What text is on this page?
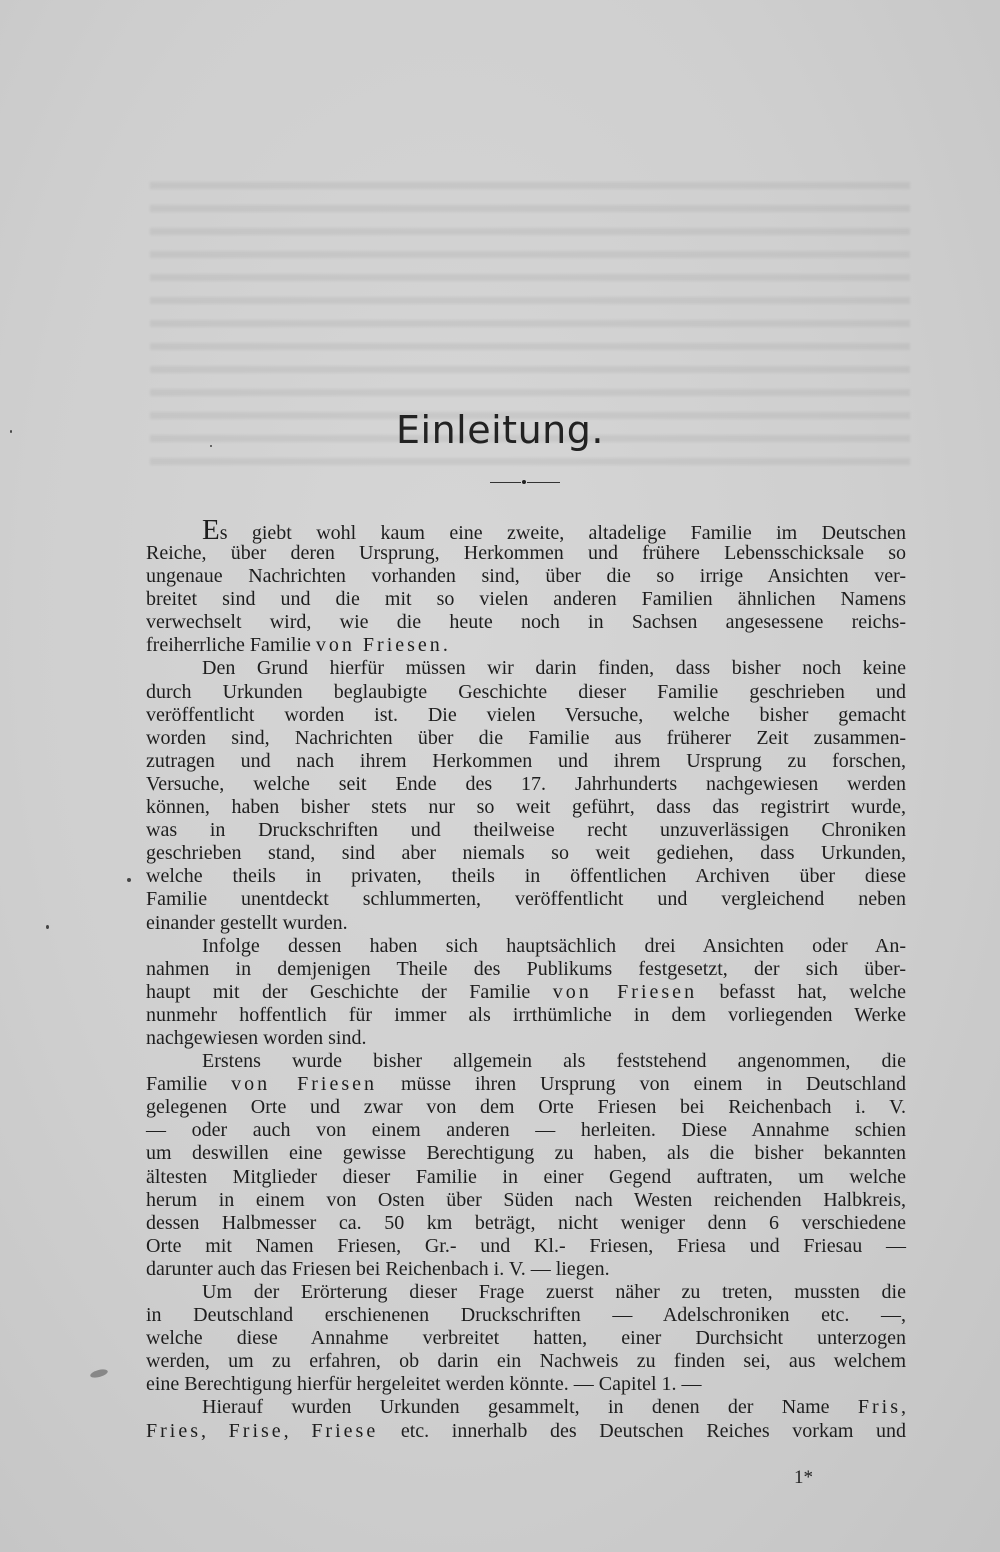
Einleitung.
Es giebt wohl kaum eine zweite, altadelige Familie im Deutschen
Reiche, über deren Ursprung, Herkommen und frühere Lebensschicksale so
ungenaue Nachrichten vorhanden sind, über die so irrige Ansichten ver-
breitet sind und die mit so vielen anderen Familien ähnlichen Namens
verwechselt wird, wie die heute noch in Sachsen angesessene reichs-
freiherrliche Familie von Friesen.
Den Grund hierfür müssen wir darin finden, dass bisher noch keine
durch Urkunden beglaubigte Geschichte dieser Familie geschrieben und
veröffentlicht worden ist. Die vielen Versuche, welche bisher gemacht
worden sind, Nachrichten über die Familie aus früherer Zeit zusammen-
zutragen und nach ihrem Herkommen und ihrem Ursprung zu forschen,
Versuche, welche seit Ende des 17. Jahrhunderts nachgewiesen werden
können, haben bisher stets nur so weit geführt, dass das registrirt wurde,
was in Druckschriften und theilweise recht unzuverlässigen Chroniken
geschrieben stand, sind aber niemals so weit gediehen, dass Urkunden,
welche theils in privaten, theils in öffentlichen Archiven über diese
Familie unentdeckt schlummerten, veröffentlicht und vergleichend neben
einander gestellt wurden.
Infolge dessen haben sich hauptsächlich drei Ansichten oder An-
nahmen in demjenigen Theile des Publikums festgesetzt, der sich über-
haupt mit der Geschichte der Familie von Friesen befasst hat, welche
nunmehr hoffentlich für immer als irrthümliche in dem vorliegenden Werke
nachgewiesen worden sind.
Erstens wurde bisher allgemein als feststehend angenommen, die
Familie von Friesen müsse ihren Ursprung von einem in Deutschland
gelegenen Orte und zwar von dem Orte Friesen bei Reichenbach i. V.
— oder auch von einem anderen — herleiten. Diese Annahme schien
um deswillen eine gewisse Berechtigung zu haben, als die bisher bekannten
ältesten Mitglieder dieser Familie in einer Gegend auftraten, um welche
herum in einem von Osten über Süden nach Westen reichenden Halbkreis,
dessen Halbmesser ca. 50 km beträgt, nicht weniger denn 6 verschiedene
Orte mit Namen Friesen, Gr.- und Kl.- Friesen, Friesa und Friesau —
darunter auch das Friesen bei Reichenbach i. V. — liegen.
Um der Erörterung dieser Frage zuerst näher zu treten, mussten die
in Deutschland erschienenen Druckschriften — Adelschroniken etc. —,
welche diese Annahme verbreitet hatten, einer Durchsicht unterzogen
werden, um zu erfahren, ob darin ein Nachweis zu finden sei, aus welchem
eine Berechtigung hierfür hergeleitet werden könnte. — Capitel 1. —
Hierauf wurden Urkunden gesammelt, in denen der Name Fris,
Fries, Frise, Friese etc. innerhalb des Deutschen Reiches vorkam und
1*
